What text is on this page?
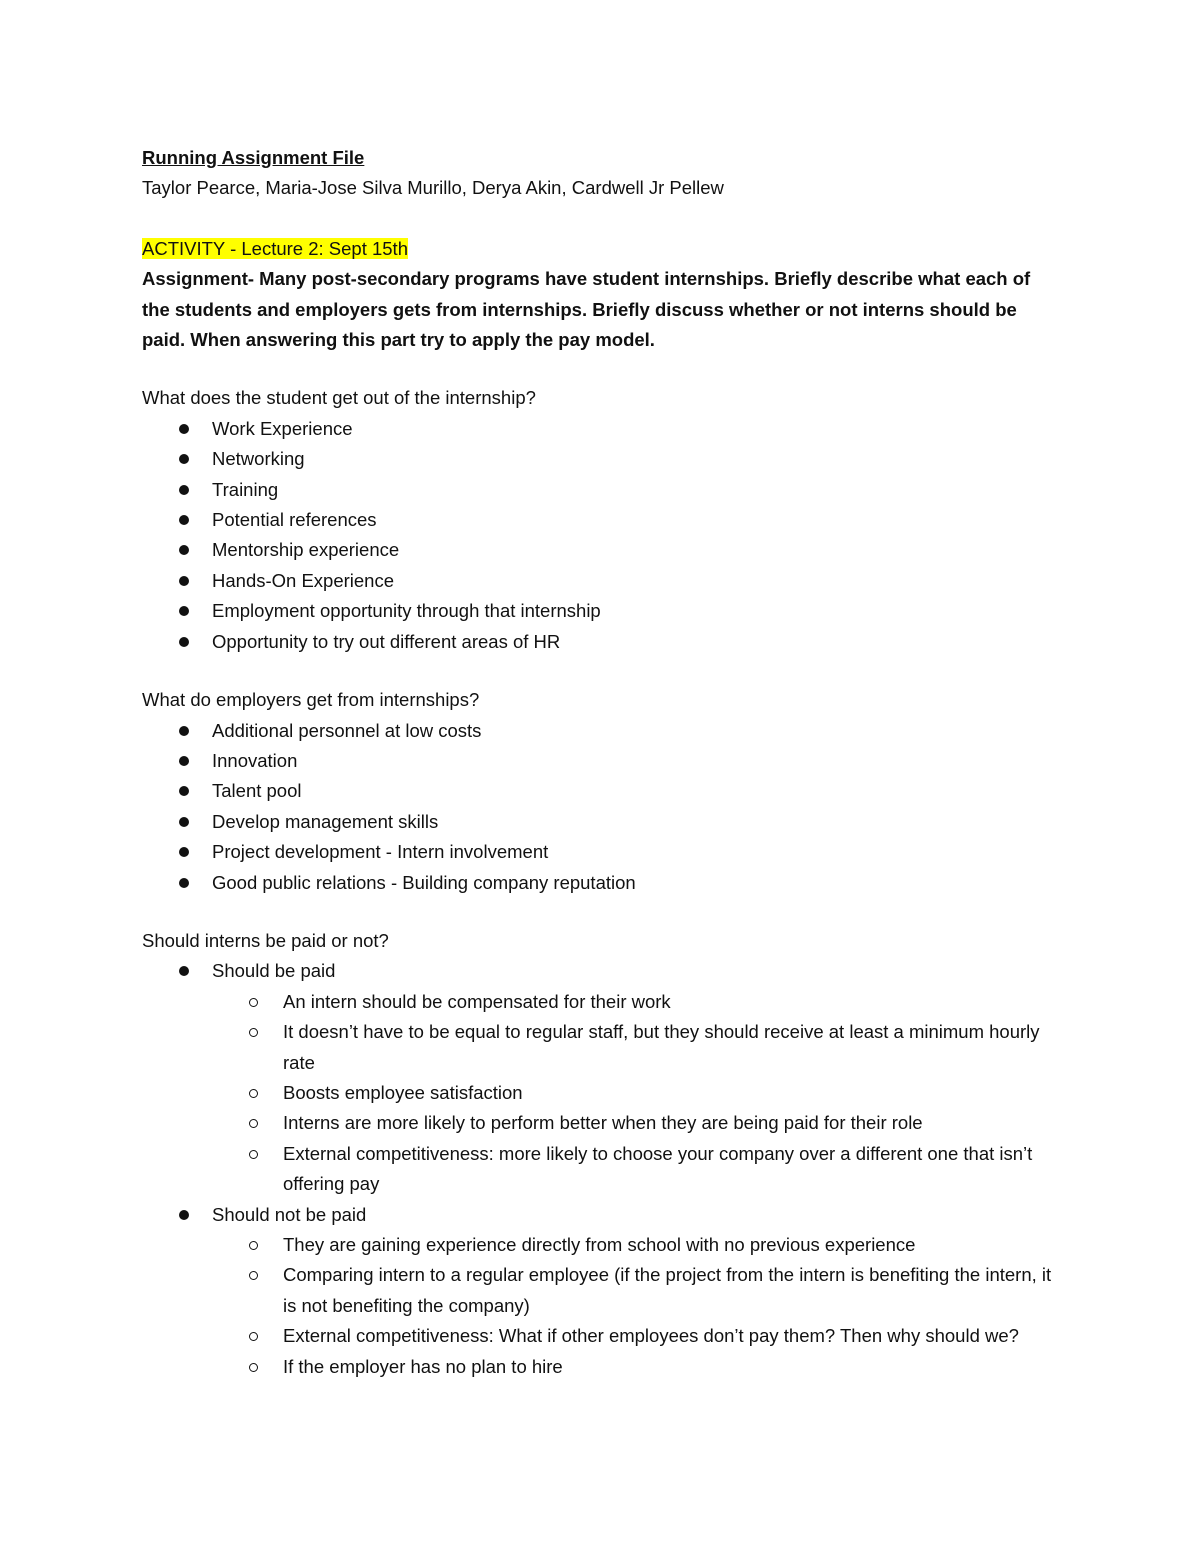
Running Assignment File

Taylor Pearce, Maria-Jose Silva Murillo, Derya Akin, Cardwell Jr Pellew

ACTIVITY - Lecture 2: Sept 15th

Assignment- Many post-secondary programs have student internships. Briefly describe what each of the students and employers gets from internships. Briefly discuss whether or not interns should be paid. When answering this part try to apply the pay model.

What does the student get out of the internship?

Work Experience
Networking
Training
Potential references
Mentorship experience
Hands-On Experience
Employment opportunity through that internship
Opportunity to try out different areas of HR

What do employers get from internships?

Additional personnel at low costs
Innovation
Talent pool
Develop management skills
Project development - Intern involvement
Good public relations - Building company reputation

Should interns be paid or not?

Should be paid
An intern should be compensated for their work
It doesn’t have to be equal to regular staff, but they should receive at least a minimum hourly rate
Boosts employee satisfaction
Interns are more likely to perform better when they are being paid for their role
External competitiveness: more likely to choose your company over a different one that isn’t offering pay
Should not be paid
They are gaining experience directly from school with no previous experience
Comparing intern to a regular employee (if the project from the intern is benefiting the intern, it is not benefiting the company)
External competitiveness: What if other employees don’t pay them? Then why should we?
If the employer has no plan to hire
